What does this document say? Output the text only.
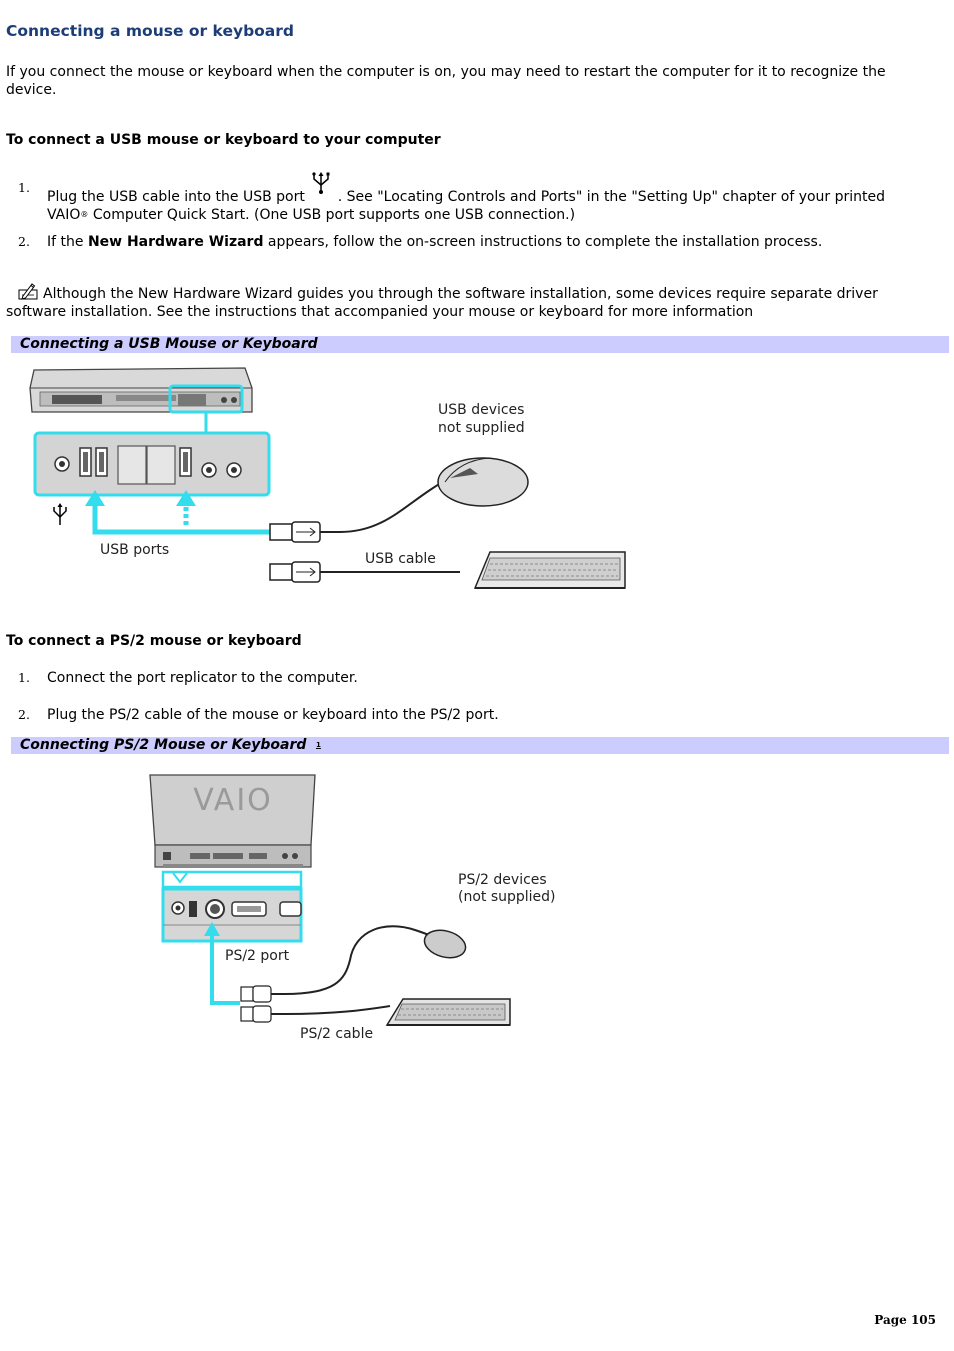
Connecting a mouse or keyboard
If you connect the mouse or keyboard when the computer is on, you may need to restart the computer for it to recognize the device.
To connect a USB mouse or keyboard to your computer
1.
Plug the USB cable into the USB port . See "Locating Controls and Ports" in the "Setting Up" chapter of your printed VAIO® Computer Quick Start. (One USB port supports one USB connection.)
2. If the New Hardware Wizard appears, follow the on-screen instructions to complete the installation process.
Although the New Hardware Wizard guides you through the software installation, some devices require separate driver software installation. See the instructions that accompanied your mouse or keyboard for more information
Connecting a USB Mouse or Keyboard
USB ports
USB devices
not supplied
USB cable
To connect a PS/2 mouse or keyboard
1. Connect the port replicator to the computer.
2. Plug the PS/2 cable of the mouse or keyboard into the PS/2 port.
Connecting PS/2 Mouse or Keyboard 1
VAIO
PS/2 port
PS/2 devices
(not supplied)
PS/2 cable
Page 105
